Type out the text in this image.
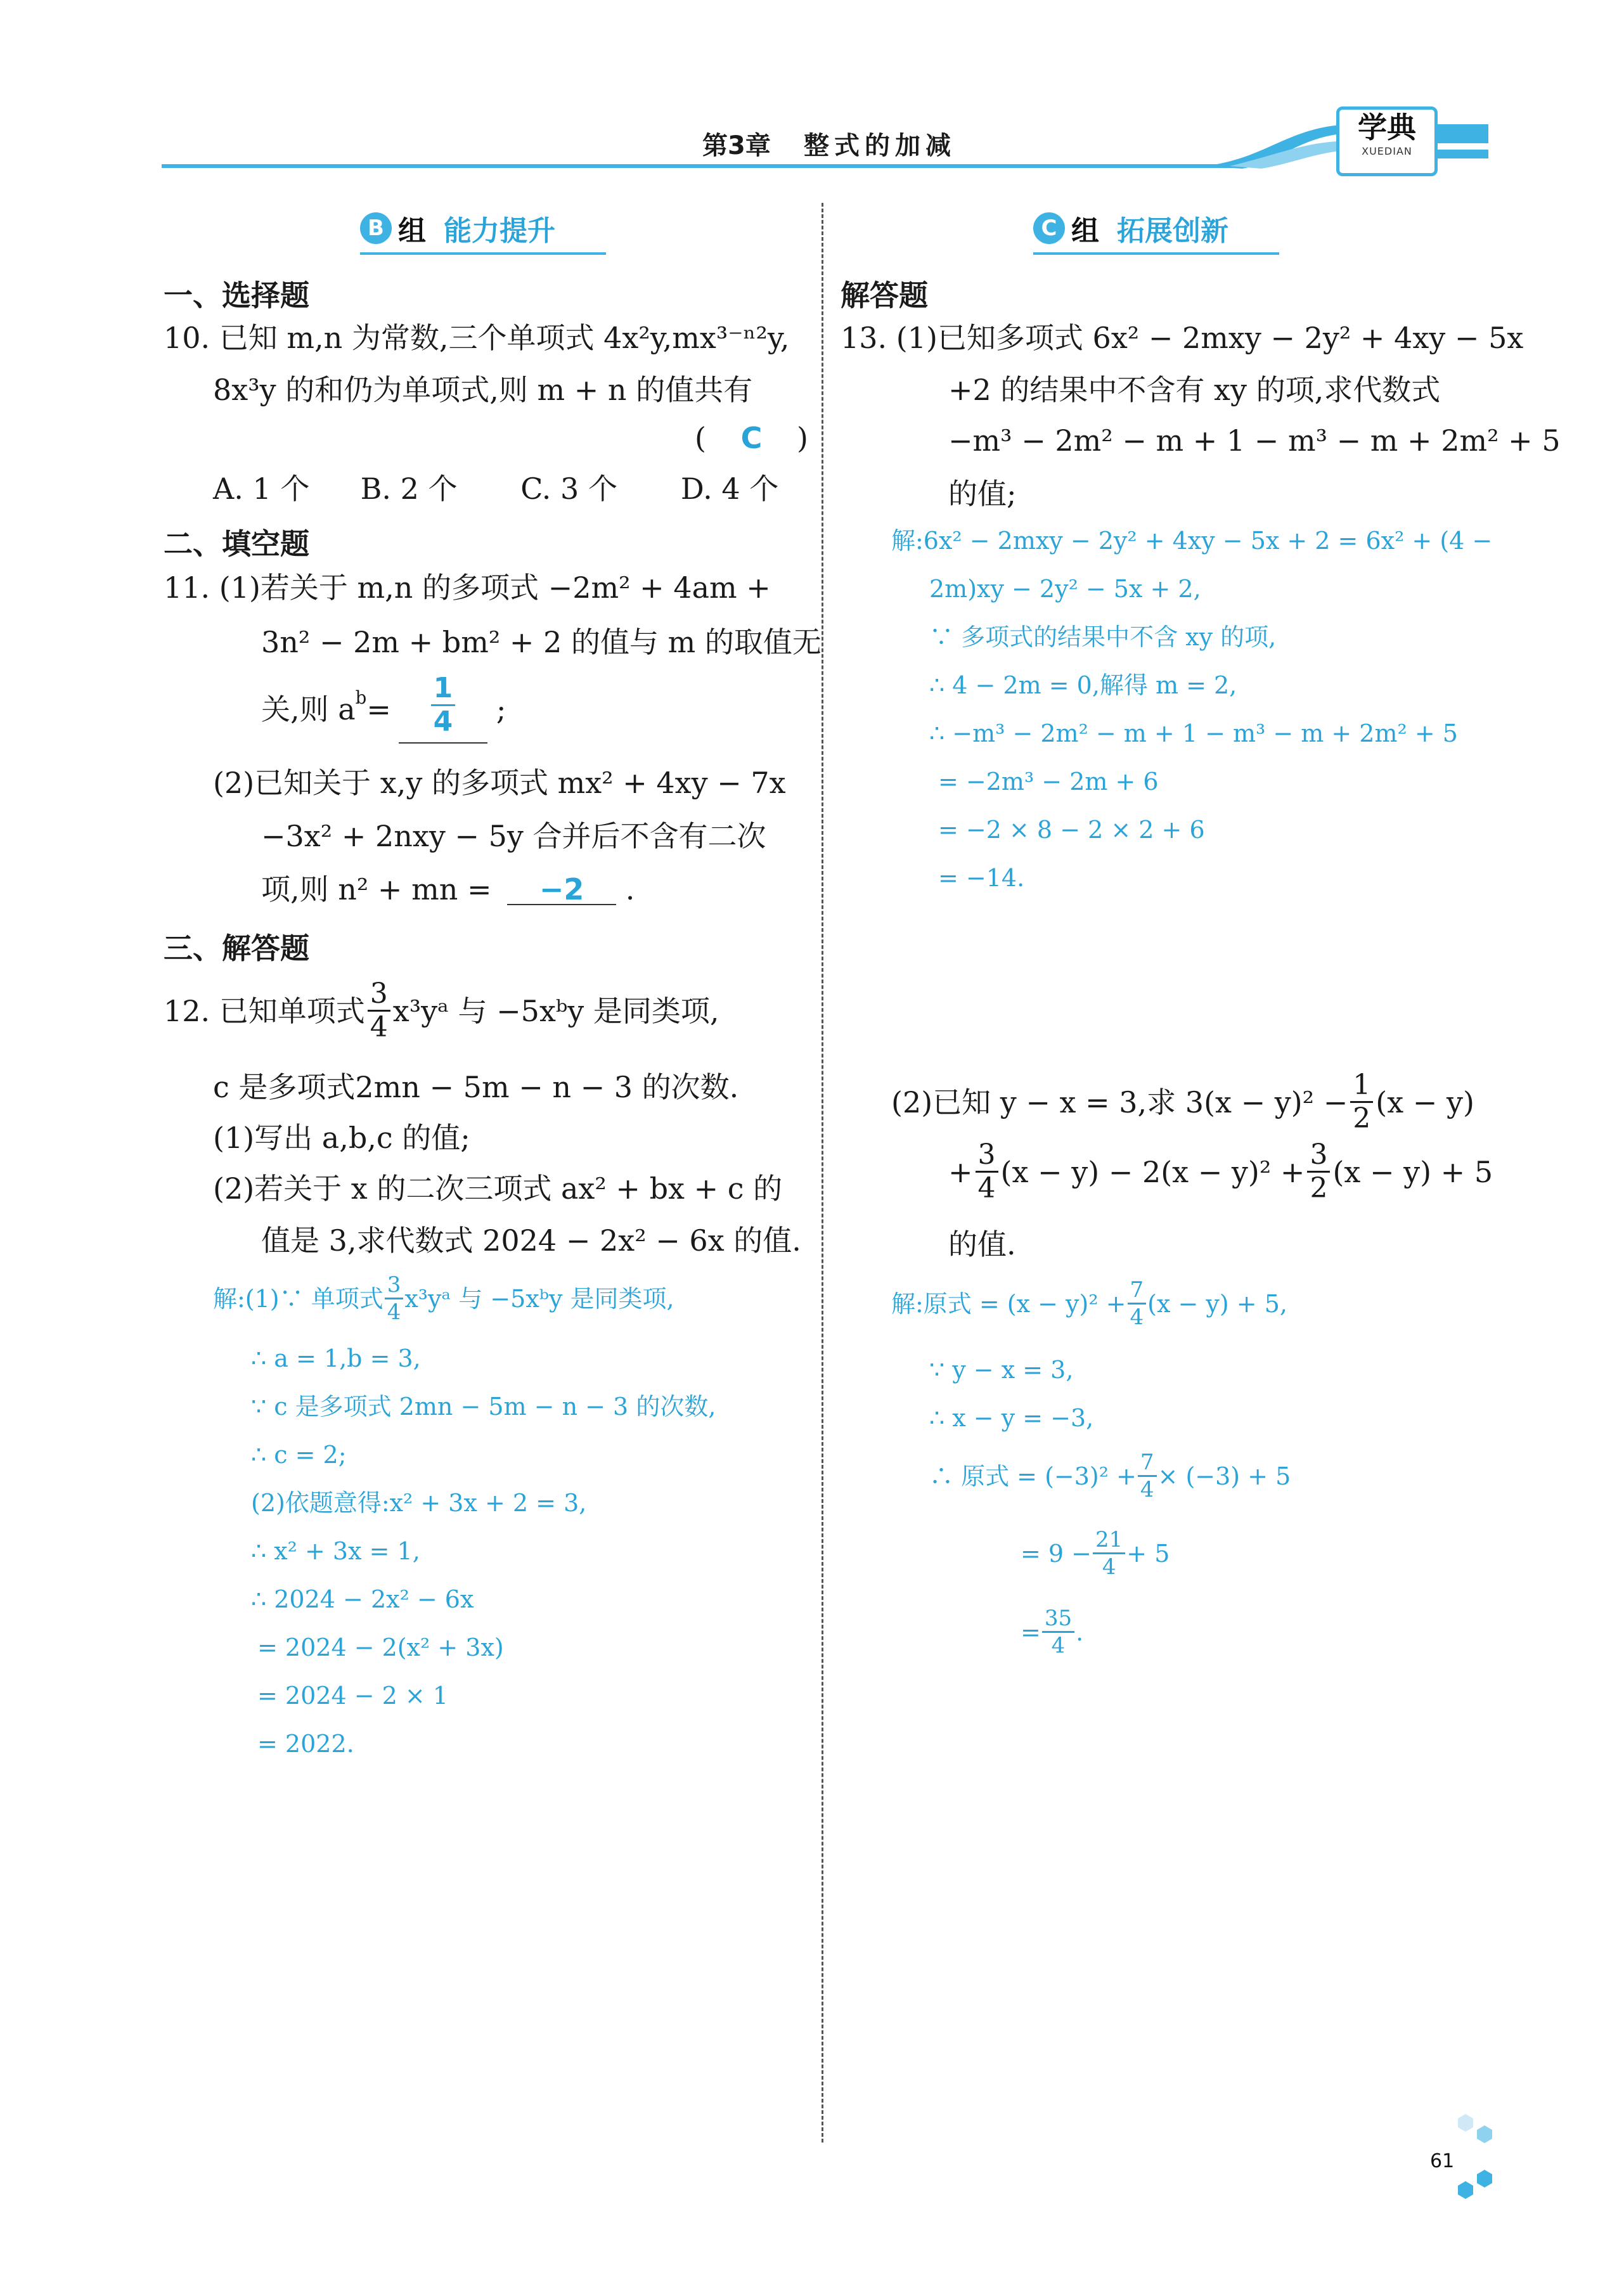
第3章 整式的加减
学典
XUEDIAN
B 组 能力提升
一、选择题
10. 已知 m,n 为常数,三个单项式 4x²y,mx³⁻ⁿ²y,
8x³y 的和仍为单项式,则 m + n 的值共有
( C )
A. 1 个 B. 2 个 C. 3 个 D. 4 个
二、填空题
11. (1)若关于 m,n 的多项式 −2m² + 4am +
3n² − 2m + bm² + 2 的值与 m 的取值无
关,则 a $b = \frac{1}{4}$ ;
(2)已知关于 x,y 的多项式 mx² + 4xy − 7x
−3x² + 2nxy − 5y 合并后不含有二次
项,则 n² + mn = −2 .
三、解答题
12. 已知单项式 $\frac{3}{4}$ x³yᵃ 与 −5xᵇy 是同类项,
c 是多项式2mn − 5m − n − 3 的次数.
(1)写出 a,b,c 的值;
(2)若关于 x 的二次三项式 ax² + bx + c 的
值是 3,求代数式 2024 − 2x² − 6x 的值.
解:(1)∵ 单项式 $\frac{3}{4}$ x³yᵃ 与 −5xᵇy 是同类项,
∴ a = 1,b = 3,
∵ c 是多项式 2mn − 5m − n − 3 的次数,
∴ c = 2;
(2)依题意得:x² + 3x + 2 = 3,
∴ x² + 3x = 1,
∴ 2024 − 2x² − 6x
= 2024 − 2(x² + 3x)
= 2024 − 2 × 1
= 2022.
C 组 拓展创新
解答题
13. (1)已知多项式 6x² − 2mxy − 2y² + 4xy − 5x
+2 的结果中不含有 xy 的项,求代数式
−m³ − 2m² − m + 1 − m³ − m + 2m² + 5
的值;
解:6x² − 2mxy − 2y² + 4xy − 5x + 2 = 6x² + (4 −
2m)xy − 2y² − 5x + 2,
∵ 多项式的结果中不含 xy 的项,
∴ 4 − 2m = 0,解得 m = 2,
∴ −m³ − 2m² − m + 1 − m³ − m + 2m² + 5
= −2m³ − 2m + 6
= −2 × 8 − 2 × 2 + 6
= −14.
(2)已知 y − x = 3,求 $3(x - y)^2 - \frac{1}{2} (x - y)$
+ $\frac{3}{4} (x - y) - 2(x - y)^2 + \frac{3}{2} (x - y) + 5$
的值.
解:原式 = $(x - y)^2 + \frac{7}{4} (x - y) + 5$,
∵ y − x = 3,
∴ x − y = −3,
∴ 原式 = $(-3)^2 + \frac{7}{4} \times (-3) + 5$
= $9 - \frac{21}{4} + 5$
= $\frac{35}{4}$ .
61
